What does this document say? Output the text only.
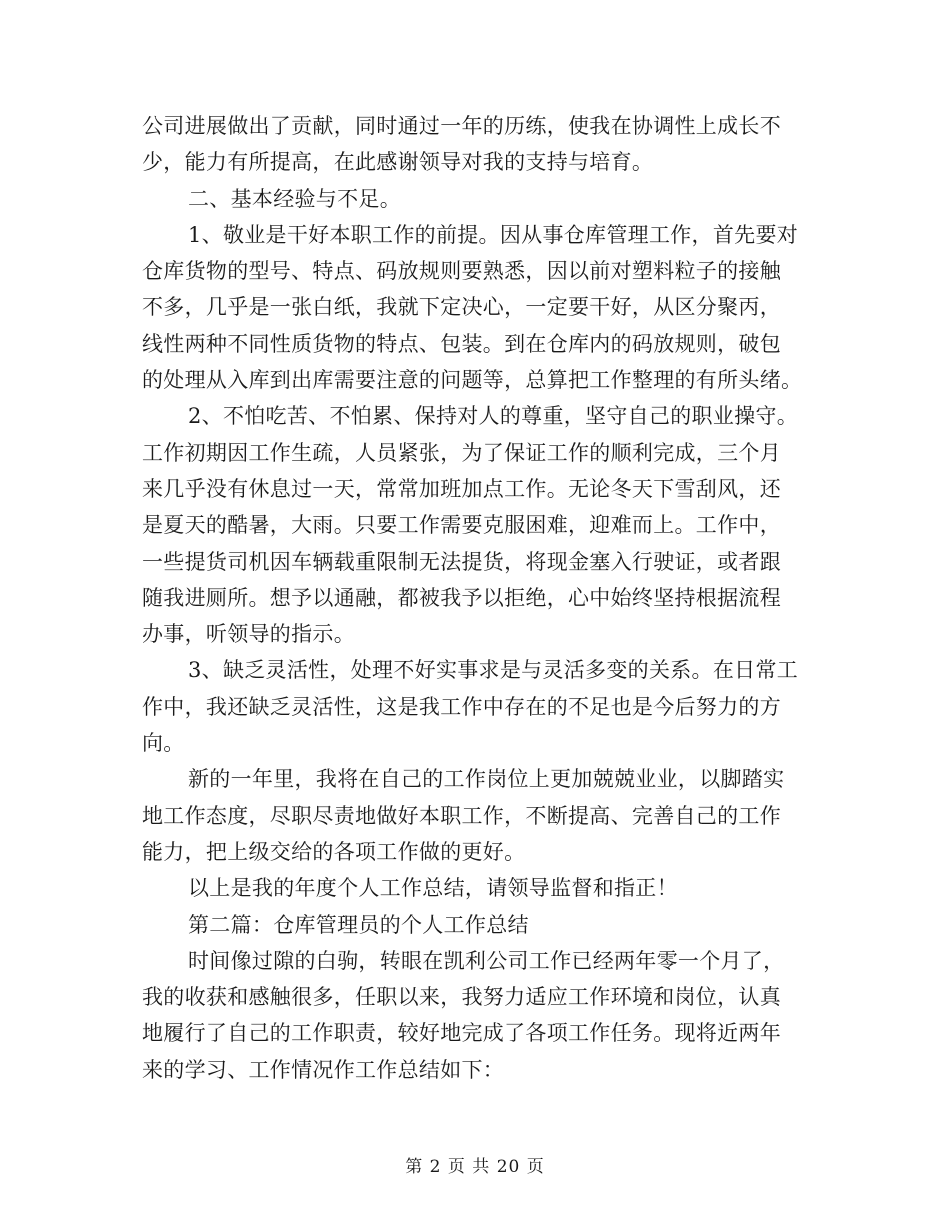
公司进展做出了贡献，同时通过一年的历练，使我在协调性上成长不
少，能力有所提高，在此感谢领导对我的支持与培育。
二、基本经验与不足。
1、敬业是干好本职工作的前提。因从事仓库管理工作，首先要对
仓库货物的型号、特点、码放规则要熟悉，因以前对塑料粒子的接触
不多，几乎是一张白纸，我就下定决心，一定要干好，从区分聚丙，
线性两种不同性质货物的特点、包装。到在仓库内的码放规则，破包
的处理从入库到出库需要注意的问题等，总算把工作整理的有所头绪。
2、不怕吃苦、不怕累、保持对人的尊重，坚守自己的职业操守。
工作初期因工作生疏，人员紧张，为了保证工作的顺利完成，三个月
来几乎没有休息过一天，常常加班加点工作。无论冬天下雪刮风，还
是夏天的酷暑，大雨。只要工作需要克服困难，迎难而上。工作中，
一些提货司机因车辆载重限制无法提货，将现金塞入行驶证，或者跟
随我进厕所。想予以通融，都被我予以拒绝，心中始终坚持根据流程
办事，听领导的指示。
3、缺乏灵活性，处理不好实事求是与灵活多变的关系。在日常工
作中，我还缺乏灵活性，这是我工作中存在的不足也是今后努力的方
向。
新的一年里，我将在自己的工作岗位上更加兢兢业业，以脚踏实
地工作态度，尽职尽责地做好本职工作，不断提高、完善自己的工作
能力，把上级交给的各项工作做的更好。
以上是我的年度个人工作总结，请领导监督和指正！
第二篇：仓库管理员的个人工作总结
时间像过隙的白驹，转眼在凯利公司工作已经两年零一个月了，
我的收获和感触很多，任职以来，我努力适应工作环境和岗位，认真
地履行了自己的工作职责，较好地完成了各项工作任务。现将近两年
来的学习、工作情况作工作总结如下：
第 2 页 共 20 页
